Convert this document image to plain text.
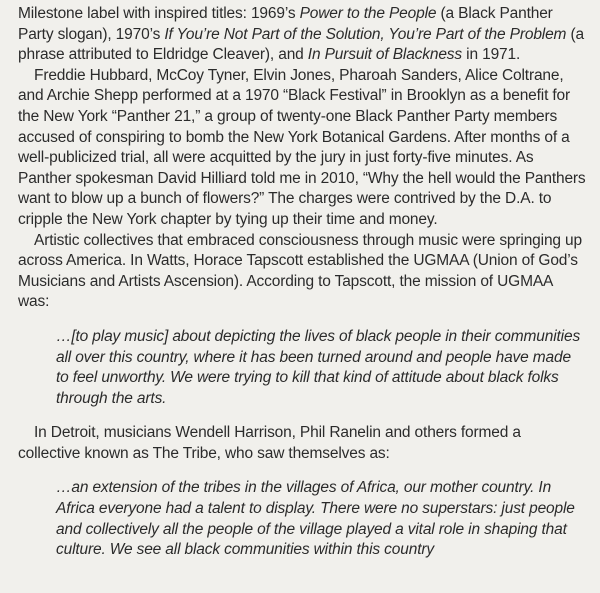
Milestone label with inspired titles: 1969’s Power to the People (a Black Panther Party slogan), 1970’s If You’re Not Part of the Solution, You’re Part of the Problem (a phrase attributed to Eldridge Cleaver), and In Pursuit of Blackness in 1971.

Freddie Hubbard, McCoy Tyner, Elvin Jones, Pharoah Sanders, Alice Coltrane, and Archie Shepp performed at a 1970 “Black Festival” in Brooklyn as a benefit for the New York “Panther 21,” a group of twenty-one Black Panther Party members accused of conspiring to bomb the New York Botanical Gardens. After months of a well-publicized trial, all were acquitted by the jury in just forty-five minutes. As Panther spokesman David Hilliard told me in 2010, “Why the hell would the Panthers want to blow up a bunch of flowers?” The charges were contrived by the D.A. to cripple the New York chapter by tying up their time and money.

Artistic collectives that embraced consciousness through music were springing up across America. In Watts, Horace Tapscott established the UGMAA (Union of God’s Musicians and Artists Ascension). According to Tapscott, the mission of UGMAA was:

…[to play music] about depicting the lives of black people in their communities all over this country, where it has been turned around and people have made to feel unworthy. We were trying to kill that kind of attitude about black folks through the arts.

In Detroit, musicians Wendell Harrison, Phil Ranelin and others formed a collective known as The Tribe, who saw themselves as:

…an extension of the tribes in the villages of Africa, our mother country. In Africa everyone had a talent to display. There were no superstars: just people and collectively all the people of the village played a vital role in shaping that culture. We see all black communities within this country
